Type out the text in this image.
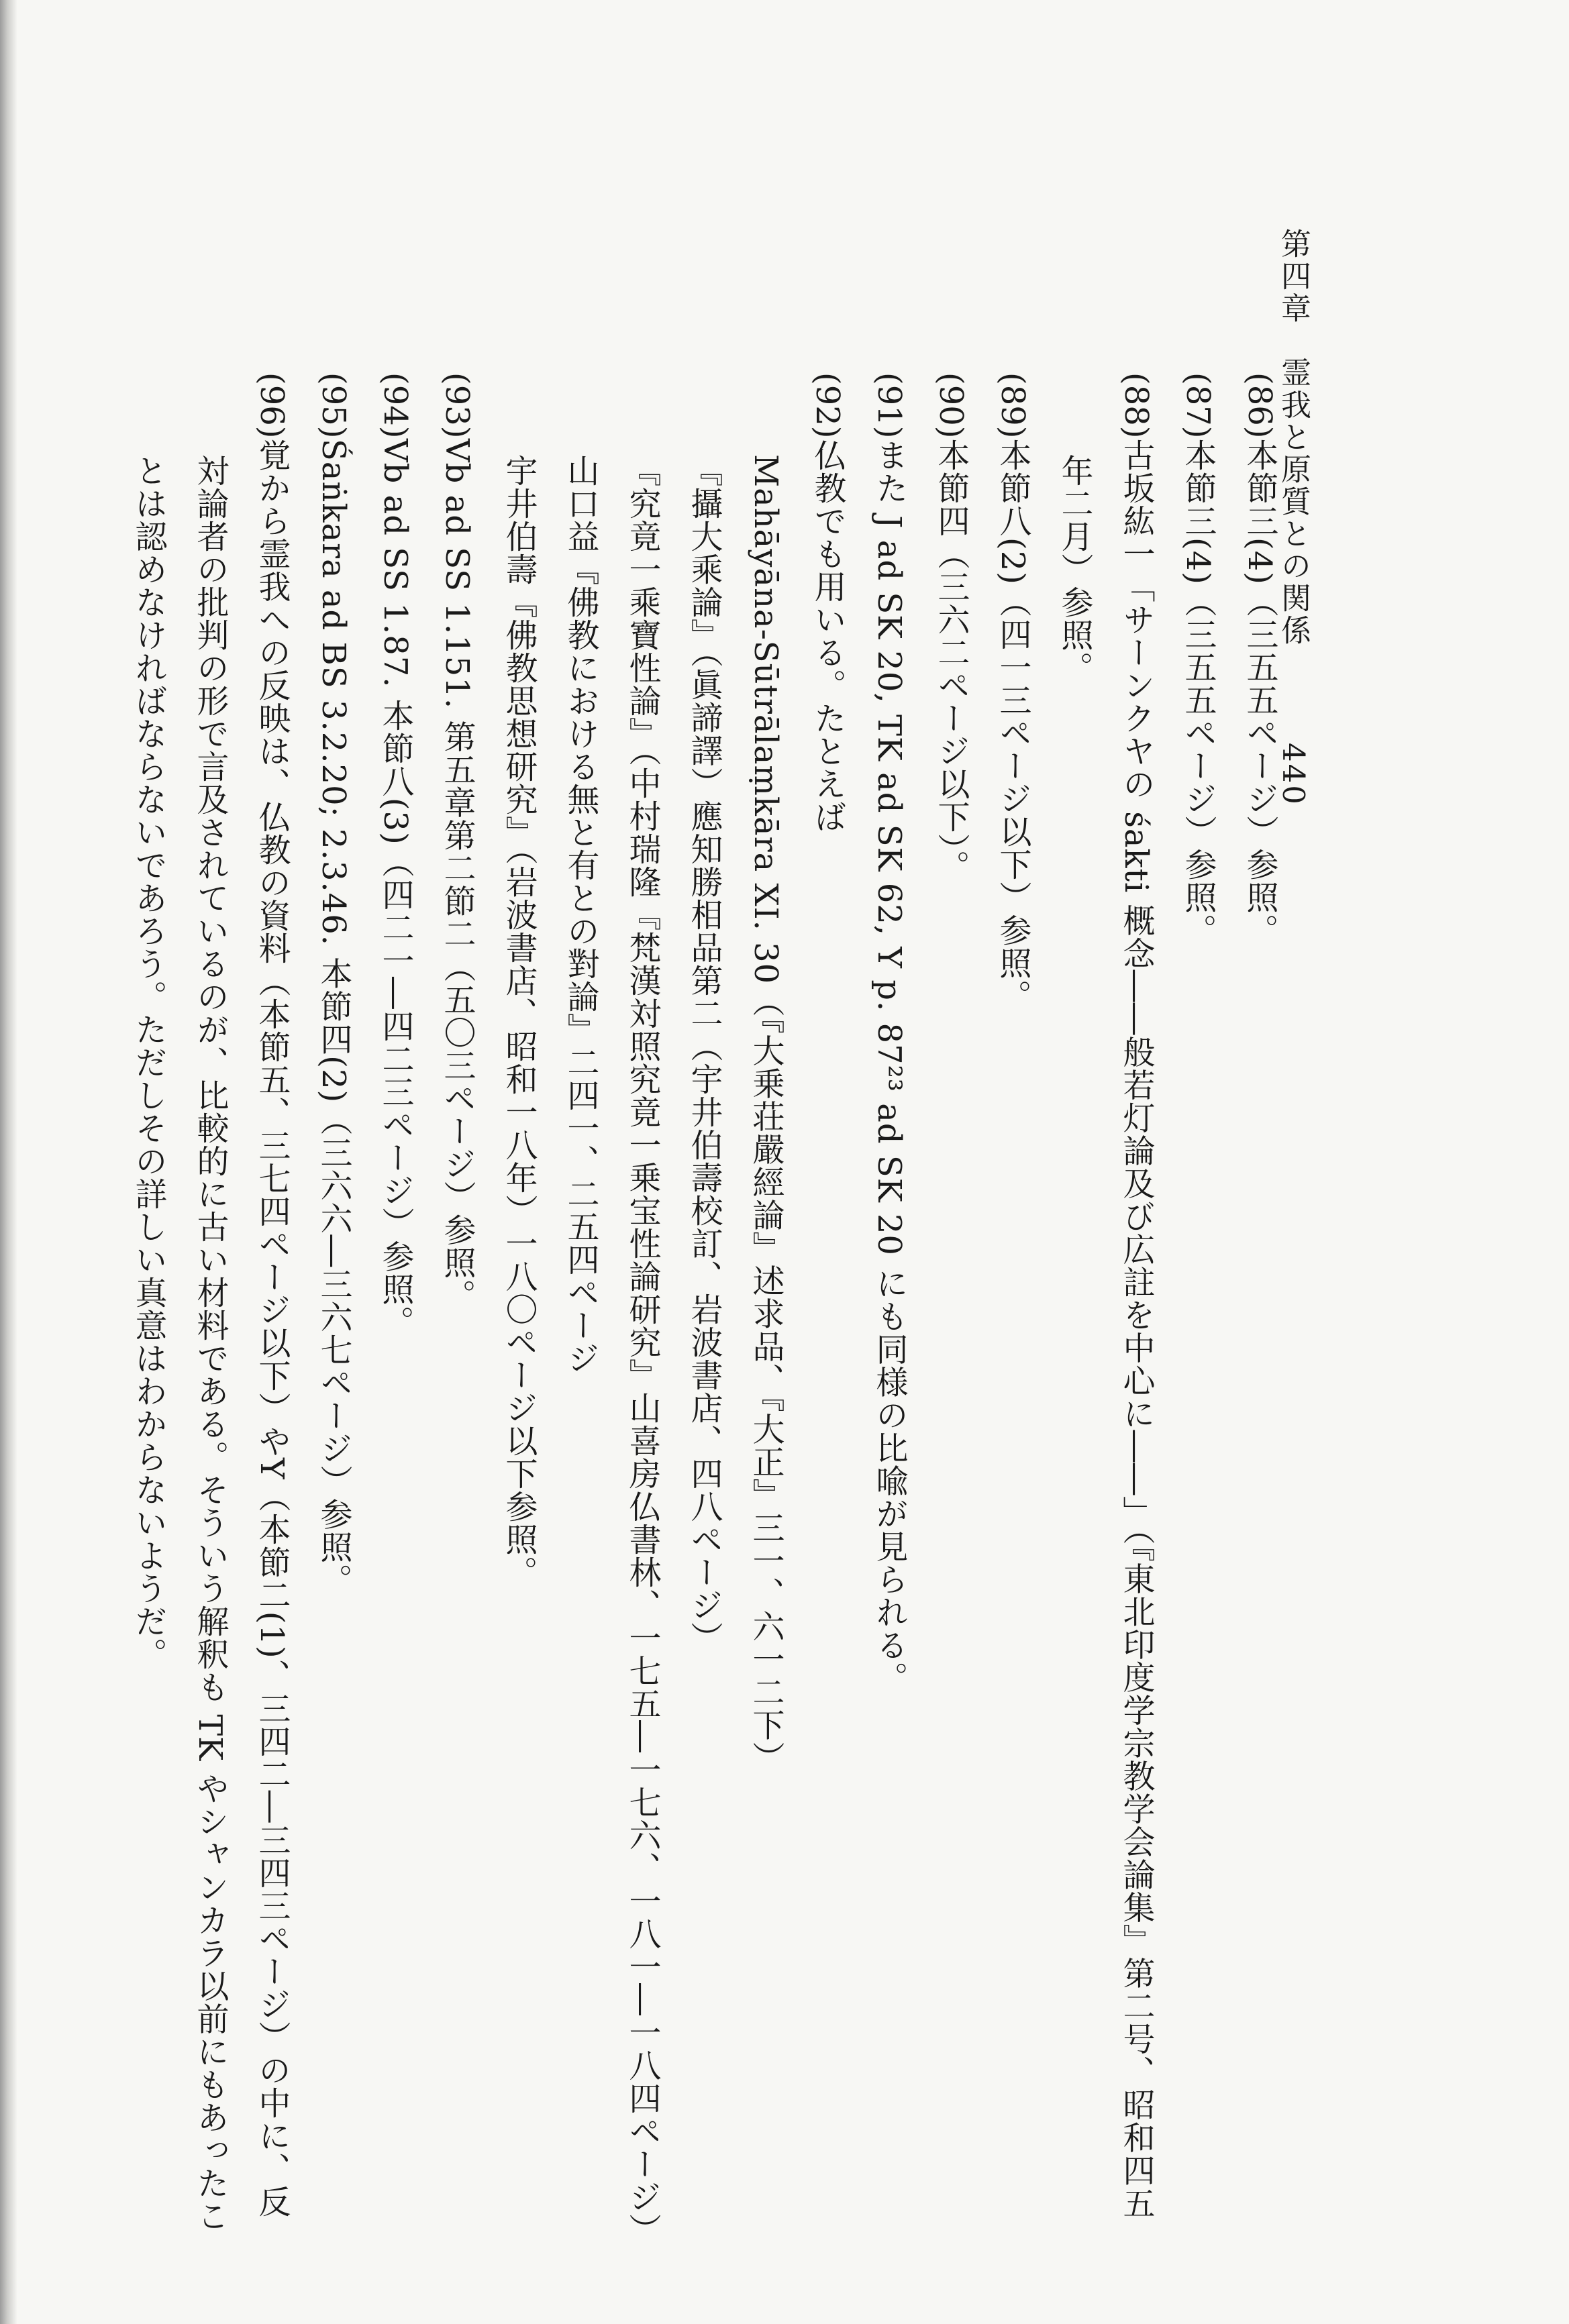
第四章　霊我と原質との関係 440

(86)本節三(4)（三五五ページ）参照。

(87)本節三(4)（三五五ページ）参照。

(88)古坂紘一「サーンクヤの śakti 概念――般若灯論及び広註を中心に――」（『東北印度学宗教学会論集』第二号、昭和四五

年二月）参照。

(89)本節八(2)（四一三ページ以下）参照。

(90)本節四（三六二ページ以下）。

(91)また J ad SK 20, TK ad SK 62, Y p. 87²³ ad SK 20 にも同様の比喩が見られる。

(92)仏教でも用いる。たとえば

Mahāyāna-Sūtrālaṃkāra XI. 30（『大乗荘嚴經論』述求品、『大正』三一、六一二下）

『攝大乘論』（眞諦譯）應知勝相品第二（宇井伯壽校訂、岩波書店、四八ページ）

『究竟一乘寶性論』（中村瑞隆『梵漢対照究竟一乗宝性論研究』山喜房仏書林、一七五―一七六、一八一―一八四ページ）

山口益『佛教における無と有との對論』二四一、二五四ページ

宇井伯壽『佛教思想研究』（岩波書店、昭和一八年）一八〇ページ以下参照。

(93)Vb ad SS 1.151. 第五章第二節二（五〇三ページ）参照。

(94)Vb ad SS 1.87. 本節八(3)（四二一―四二三ページ）参照。

(95)Śaṅkara ad BS 3.2.20; 2.3.46. 本節四(2)（三六六―三六七ページ）参照。

(96)覚から霊我への反映は、仏教の資料（本節五、三七四ページ以下）やY（本節二(1)、三四二―三四三ページ）の中に、反

対論者の批判の形で言及されているのが、比較的に古い材料である。そういう解釈も TK やシャンカラ以前にもあったこ

とは認めなければならないであろう。ただしその詳しい真意はわからないようだ。
